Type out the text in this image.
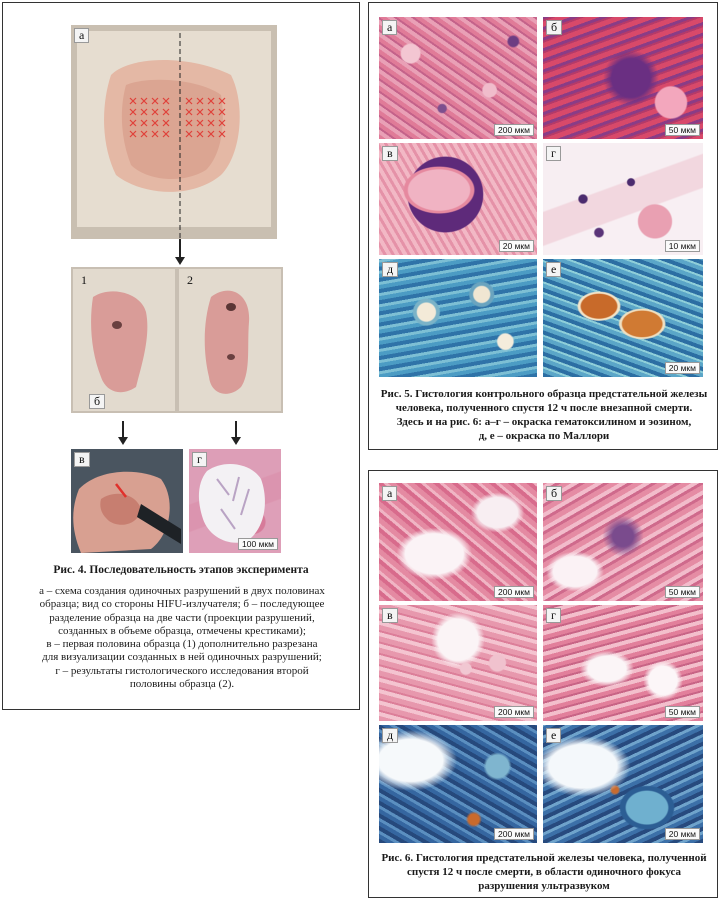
а
1	2
б
в	г
100 мкм
Рис. 4. Последовательность этапов эксперимента
а – схема создания одиночных разрушений в двух половинах
образца; вид со стороны HIFU-излучателя; б – последующее
разделение образца на две части (проекции разрушений,
созданных в объеме образца, отмечены крестиками);
в – первая половина образца (1) дополнительно разрезана
для визуализации созданных в ней одиночных разрушений;
г – результаты гистологического исследования второй
половины образца (2).
а
200 мкм
б
50 мкм
в
20 мкм
г
10 мкм
д	е
20 мкм
Рис. 5. Гистология контрольного образца предстательной железы
человека, полученного спустя 12 ч после внезапной смерти.
Здесь и на рис. 6: а–г – окраска гематоксилином и эозином,
д, е – окраска по Маллори
а
200 мкм
б
50 мкм
в
200 мкм
г
50 мкм
д
200 мкм
е
20 мкм
Рис. 6. Гистология предстательной железы человека, полученной
спустя 12 ч после смерти, в области одиночного фокуса
разрушения ультразвуком
